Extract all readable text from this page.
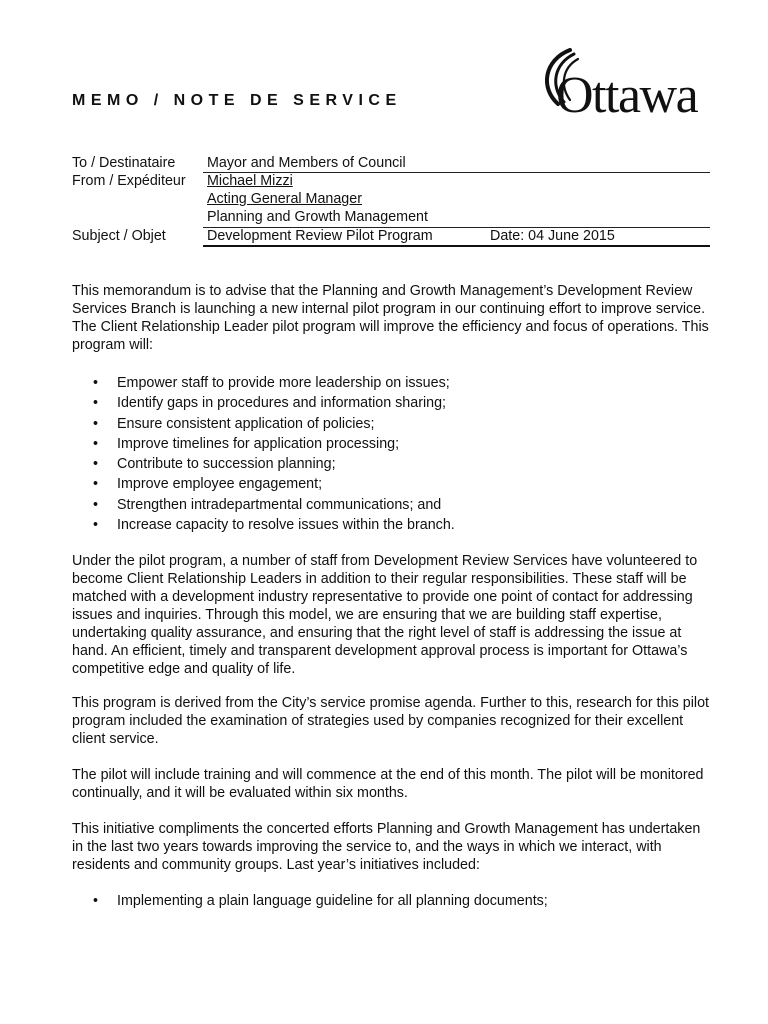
MEMO / NOTE DE SERVICE	Ottawa
To / Destinataire Mayor and Members of Council
From / Expéditeur Michael Mizzi
Acting General Manager
Planning and Growth Management
Subject / Objet	Development Review Pilot Program	Date: 04 June 2015

This memorandum is to advise that the Planning and Growth Management’s Development Review Services Branch is launching a new internal pilot program in our continuing effort to improve service. The Client Relationship Leader pilot program will improve the efficiency and focus of operations. This program will:

• Empower staff to provide more leadership on issues;
• Identify gaps in procedures and information sharing;
• Ensure consistent application of policies;
• Improve timelines for application processing;
• Contribute to succession planning;
• Improve employee engagement;
• Strengthen intradepartmental communications; and
• Increase capacity to resolve issues within the branch.

Under the pilot program, a number of staff from Development Review Services have volunteered to become Client Relationship Leaders in addition to their regular responsibilities. These staff will be matched with a development industry representative to provide one point of contact for addressing issues and inquiries. Through this model, we are ensuring that we are building staff expertise, undertaking quality assurance, and ensuring that the right level of staff is addressing the issue at hand. An efficient, timely and transparent development approval process is important for Ottawa’s competitive edge and quality of life.

This program is derived from the City’s service promise agenda. Further to this, research for this pilot program included the examination of strategies used by companies recognized for their excellent client service.

The pilot will include training and will commence at the end of this month. The pilot will be monitored continually, and it will be evaluated within six months.

This initiative compliments the concerted efforts Planning and Growth Management has undertaken in the last two years towards improving the service to, and the ways in which we interact, with residents and community groups. Last year’s initiatives included:

• Implementing a plain language guideline for all planning documents;
